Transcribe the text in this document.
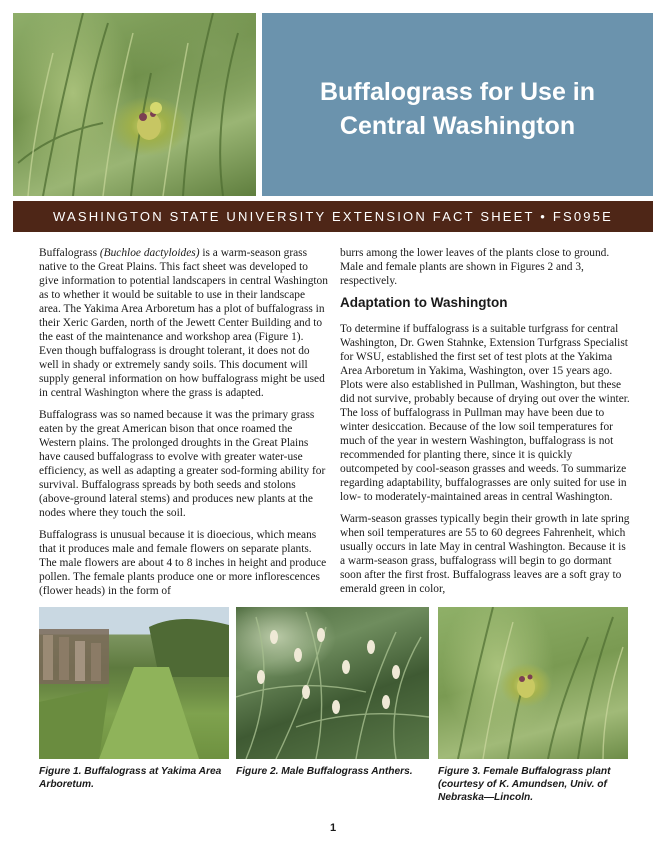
Buffalograss for Use in
Central Washington
WASHINGTON STATE UNIVERSITY EXTENSION FACT SHEET • FS095E

Buffalograss (Buchloe dactyloides) is a warm-season grass native to the Great Plains. This fact sheet was developed to give information to potential landscapers in central Washington as to whether it would be suitable to use in their landscape area. The Yakima Area Arboretum has a plot of buffalograss in their Xeric Garden, north of the Jewett Center Building and to the east of the maintenance and workshop area (Figure 1). Even though buffalograss is drought tolerant, it does not do well in shady or extremely sandy soils. This document will supply general information on how buffalograss might be used in central Washington where the grass is adapted.

Buffalograss was so named because it was the primary grass eaten by the great American bison that once roamed the Western plains. The prolonged droughts in the Great Plains have caused buffalograss to evolve with greater water-use efficiency, as well as adapting a greater sod-forming ability for survival. Buffalograss spreads by both seeds and stolons (above-ground lateral stems) and produces new plants at the nodes where they touch the soil.

Buffalograss is unusual because it is dioecious, which means that it produces male and female flowers on separate plants. The male flowers are about 4 to 8 inches in height and produce pollen. The female plants produce one or more inflorescences (flower heads) in the form of

burrs among the lower leaves of the plants close to ground. Male and female plants are shown in Figures 2 and 3, respectively.

Adaptation to Washington

To determine if buffalograss is a suitable turfgrass for central Washington, Dr. Gwen Stahnke, Extension Turfgrass Specialist for WSU, established the first set of test plots at the Yakima Area Arboretum in Yakima, Washington, over 15 years ago. Plots were also established in Pullman, Washington, but these did not survive, probably because of drying out over the winter. The loss of buffalograss in Pullman may have been due to winter desiccation. Because of the low soil temperatures for much of the year in western Washington, buffalograss is not recommended for planting there, since it is quickly outcompeted by cool-season grasses and weeds. To summarize regarding adaptability, buffalograsses are only suited for use in low- to moderately-maintained areas in central Washington.

Warm-season grasses typically begin their growth in late spring when soil temperatures are 55 to 60 degrees Fahrenheit, which usually occurs in late May in central Washington. Because it is a warm-season grass, buffalograss will begin to go dormant soon after the first frost. Buffalograss leaves are a soft gray to emerald green in color,

Figure 1. Buffalograss at Yakima Area Arboretum.
Figure 2. Male Buffalograss Anthers.	Figure 3. Female Buffalograss plant (courtesy of K. Amundsen, Univ. of Nebraska—Lincoln.
1
